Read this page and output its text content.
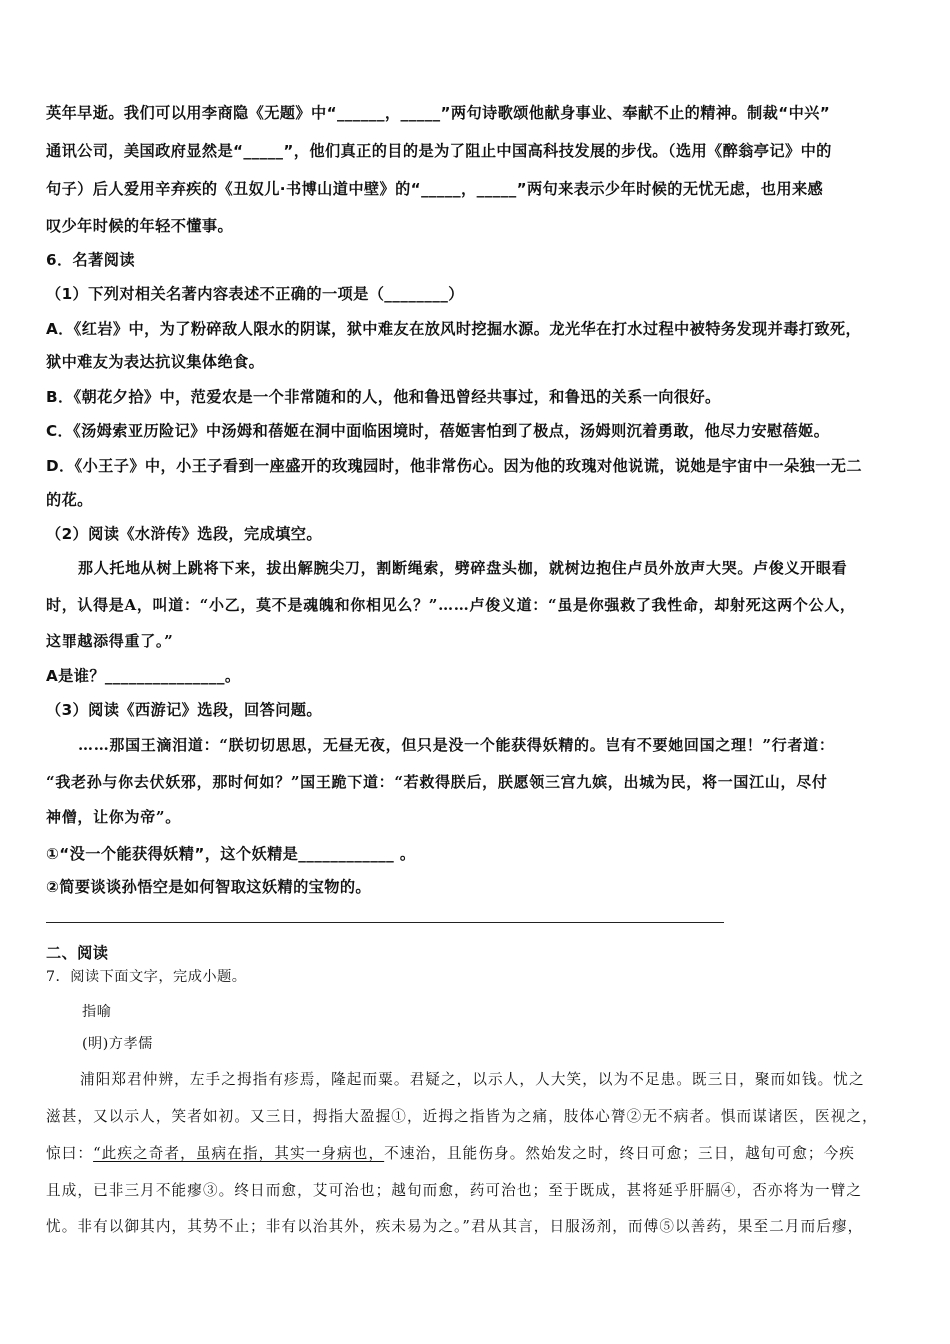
英年早逝。我们可以用李商隐《无题》中“______，_____”两句诗歌颂他献身事业、奉献不止的精神。制裁“中兴”
通讯公司，美国政府显然是“_____”，他们真正的目的是为了阻止中国高科技发展的步伐。（选用《醉翁亭记》中的
句子）后人爱用辛弃疾的《丑奴儿·书博山道中壁》的“_____，_____”两句来表示少年时候的无忧无虑，也用来感
叹少年时候的年轻不懂事。
6．名著阅读
（1）下列对相关名著内容表述不正确的一项是（________）
A．《红岩》中，为了粉碎敌人限水的阴谋，狱中难友在放风时挖掘水源。龙光华在打水过程中被特务发现并毒打致死，
狱中难友为表达抗议集体绝食。
B．《朝花夕拾》中，范爱农是一个非常随和的人，他和鲁迅曾经共事过，和鲁迅的关系一向很好。
C．《汤姆索亚历险记》中汤姆和蓓姬在洞中面临困境时，蓓姬害怕到了极点，汤姆则沉着勇敢，他尽力安慰蓓姬。
D．《小王子》中，小王子看到一座盛开的玫瑰园时，他非常伤心。因为他的玫瑰对他说谎，说她是宇宙中一朵独一无二
的花。
（2）阅读《水浒传》选段，完成填空。
那人托地从树上跳将下来，拔出解腕尖刀，割断绳索，劈碎盘头枷，就树边抱住卢员外放声大哭。卢俊义开眼看
时，认得是A，叫道：“小乙，莫不是魂魄和你相见么？”……卢俊义道：“虽是你强救了我性命，却射死这两个公人，
这罪越添得重了。”
A是谁？_______________。
（3）阅读《西游记》选段，回答问题。
……那国王滴泪道：“朕切切思思，无昼无夜，但只是没一个能获得妖精的。岂有不要她回国之理！”行者道：
“我老孙与你去伏妖邪，那时何如？”国王跪下道：“若救得朕后，朕愿领三宫九嫔，出城为民，将一国江山，尽付
神僧，让你为帝”。
①“没一个能获得妖精”，这个妖精是____________ 。
②简要谈谈孙悟空是如何智取这妖精的宝物的。
二、阅读
7．阅读下面文字，完成小题。
指喻
(明)方孝儒
浦阳郑君仲辨，左手之拇指有疹焉，隆起而粟。君疑之，以示人，人大笑，以为不足患。既三日，聚而如钱。忧之
滋甚，又以示人，笑者如初。又三日，拇指大盈握①，近拇之指皆为之痛，肢体心膂②无不病者。惧而谋诸医，医视之，
惊曰：“此疾之奇者，虽病在指，其实一身病也，不速治，且能伤身。然始发之时，终日可愈；三日，越旬可愈；今疾
且成，已非三月不能瘳③。终日而愈，艾可治也；越旬而愈，药可治也；至于既成，甚将延乎肝膈④，否亦将为一臂之
忧。非有以御其内，其势不止；非有以治其外，疾未易为之。”君从其言，日服汤剂，而傅⑤以善药，果至二月而后瘳，
